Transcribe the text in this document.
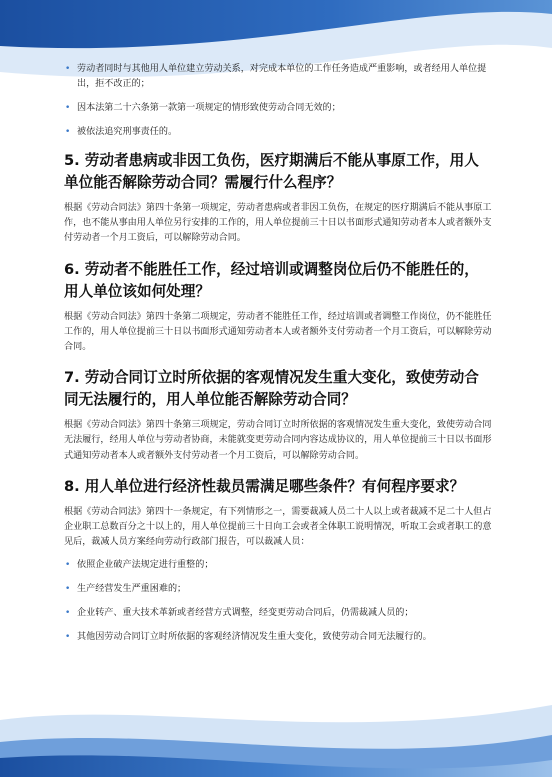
• 劳动者同时与其他用人单位建立劳动关系，对完成本单位的工作任务造成严重影响，或者经用人单位提出，拒不改正的；
• 因本法第二十六条第一款第一项规定的情形致使劳动合同无效的；
• 被依法追究刑事责任的。
5. 劳动者患病或非因工负伤，医疗期满后不能从事原工作，用人单位能否解除劳动合同？需履行什么程序？

根据《劳动合同法》第四十条第一项规定，劳动者患病或者非因工负伤，在规定的医疗期满后不能从事原工作，也不能从事由用人单位另行安排的工作的，用人单位提前三十日以书面形式通知劳动者本人或者额外支付劳动者一个月工资后，可以解除劳动合同。

6. 劳动者不能胜任工作，经过培训或调整岗位后仍不能胜任的，用人单位该如何处理？

根据《劳动合同法》第四十条第二项规定，劳动者不能胜任工作，经过培训或者调整工作岗位，仍不能胜任工作的，用人单位提前三十日以书面形式通知劳动者本人或者额外支付劳动者一个月工资后，可以解除劳动合同。

7. 劳动合同订立时所依据的客观情况发生重大变化，致使劳动合同无法履行的，用人单位能否解除劳动合同？

根据《劳动合同法》第四十条第三项规定，劳动合同订立时所依据的客观情况发生重大变化，致使劳动合同无法履行，经用人单位与劳动者协商，未能就变更劳动合同内容达成协议的，用人单位提前三十日以书面形式通知劳动者本人或者额外支付劳动者一个月工资后，可以解除劳动合同。

8. 用人单位进行经济性裁员需满足哪些条件？有何程序要求？

根据《劳动合同法》第四十一条规定，有下列情形之一，需要裁减人员二十人以上或者裁减不足二十人但占企业职工总数百分之十以上的，用人单位提前三十日向工会或者全体职工说明情况，听取工会或者职工的意见后，裁减人员方案经向劳动行政部门报告，可以裁减人员：

• 依照企业破产法规定进行重整的；
• 生产经营发生严重困难的；
• 企业转产、重大技术革新或者经营方式调整，经变更劳动合同后，仍需裁减人员的；
• 其他因劳动合同订立时所依据的客观经济情况发生重大变化，致使劳动合同无法履行的。
